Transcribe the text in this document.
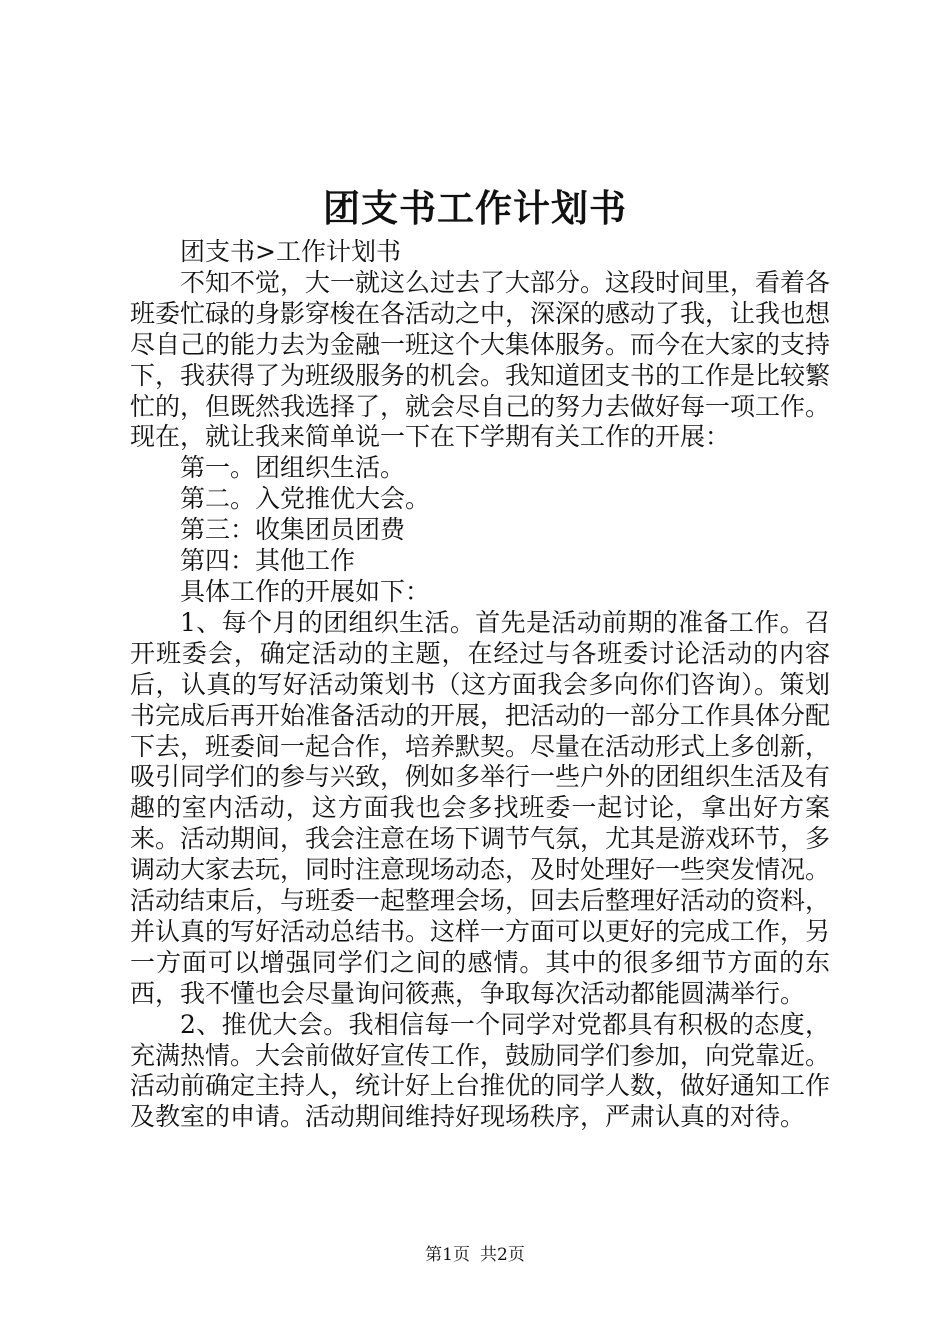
团支书工作计划书

团支书>工作计划书

不知不觉，大一就这么过去了大部分。这段时间里，看着各班委忙碌的身影穿梭在各活动之中，深深的感动了我，让我也想尽自己的能力去为金融一班这个大集体服务。而今在大家的支持下，我获得了为班级服务的机会。我知道团支书的工作是比较繁忙的，但既然我选择了，就会尽自己的努力去做好每一项工作。现在，就让我来简单说一下在下学期有关工作的开展：

第一。团组织生活。

第二。入党推优大会。

第三：收集团员团费

第四：其他工作

具体工作的开展如下：

1、每个月的团组织生活。首先是活动前期的准备工作。召开班委会，确定活动的主题，在经过与各班委讨论活动的内容后，认真的写好活动策划书（这方面我会多向你们咨询）。策划书完成后再开始准备活动的开展，把活动的一部分工作具体分配下去，班委间一起合作，培养默契。尽量在活动形式上多创新，吸引同学们的参与兴致，例如多举行一些户外的团组织生活及有趣的室内活动，这方面我也会多找班委一起讨论，拿出好方案来。活动期间，我会注意在场下调节气氛，尤其是游戏环节，多调动大家去玩，同时注意现场动态，及时处理好一些突发情况。活动结束后，与班委一起整理会场，回去后整理好活动的资料，并认真的写好活动总结书。这样一方面可以更好的完成工作，另一方面可以增强同学们之间的感情。其中的很多细节方面的东西，我不懂也会尽量询问筱燕，争取每次活动都能圆满举行。

2、推优大会。我相信每一个同学对党都具有积极的态度，充满热情。大会前做好宣传工作，鼓励同学们参加，向党靠近。活动前确定主持人，统计好上台推优的同学人数，做好通知工作及教室的申请。活动期间维持好现场秩序，严肃认真的对待。

第1页 共2页
